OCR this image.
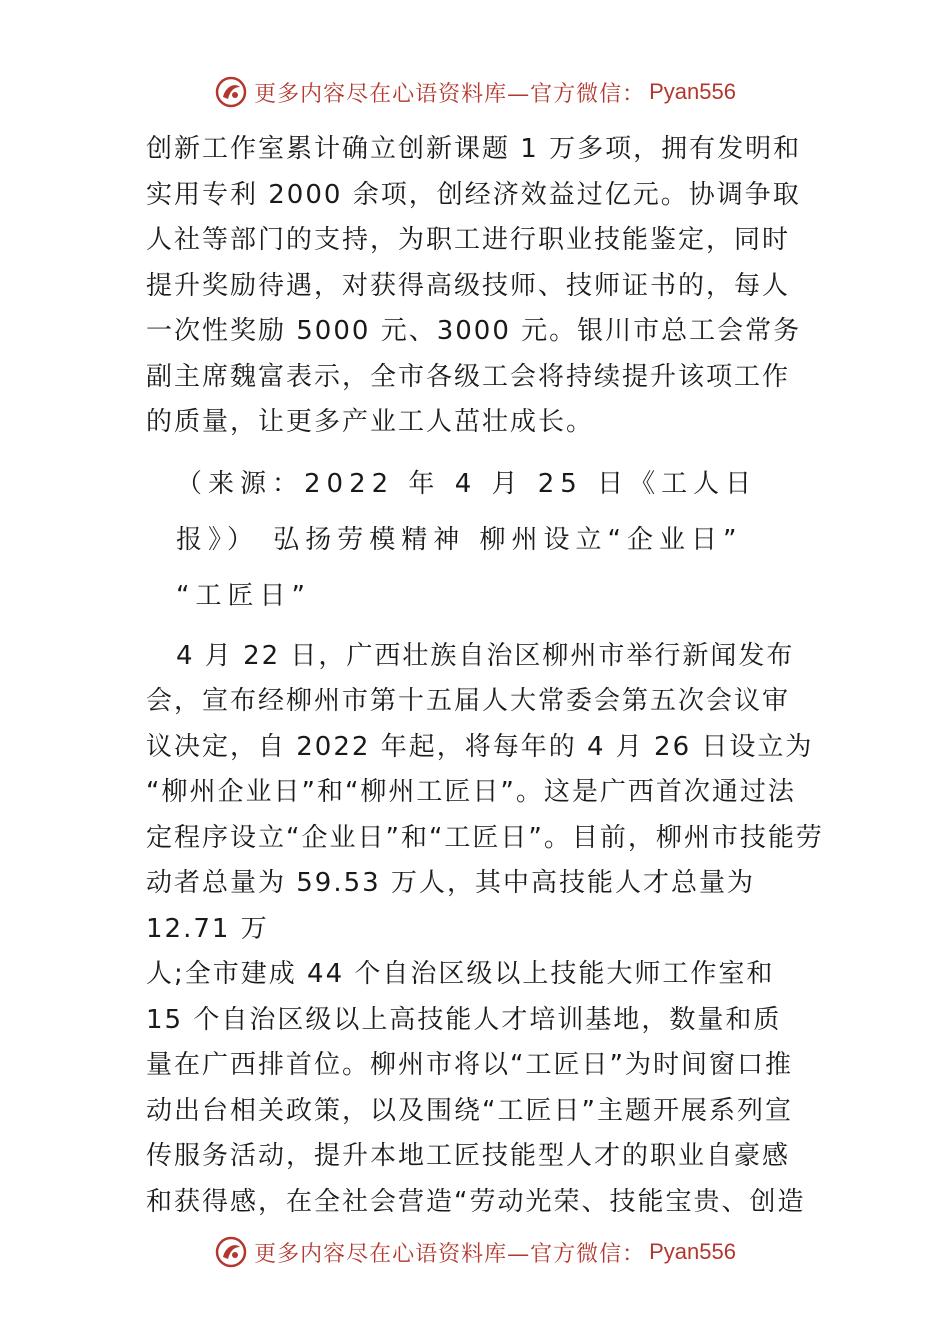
更多内容尽在心语资料库—官方微信： Pyan556
创新工作室累计确立创新课题 1 万多项，拥有发明和
实用专利 2000 余项，创经济效益过亿元。协调争取
人社等部门的支持，为职工进行职业技能鉴定，同时
提升奖励待遇，对获得高级技师、技师证书的，每人
一次性奖励 5000 元、3000 元。银川市总工会常务
副主席魏富表示，全市各级工会将持续提升该项工作
的质量，让更多产业工人茁壮成长。
（来源：2022 年 4 月 25 日《工人日
报》） 弘扬劳模精神 柳州设立“企业日”
“工匠日”
4 月 22 日，广西壮族自治区柳州市举行新闻发布
会，宣布经柳州市第十五届人大常委会第五次会议审
议决定，自 2022 年起，将每年的 4 月 26 日设立为
“柳州企业日”和“柳州工匠日”。这是广西首次通过法
定程序设立“企业日”和“工匠日”。目前，柳州市技能劳
动者总量为 59.53 万人，其中高技能人才总量为
12.71 万
人;全市建成 44 个自治区级以上技能大师工作室和
15 个自治区级以上高技能人才培训基地，数量和质
量在广西排首位。柳州市将以“工匠日”为时间窗口推
动出台相关政策，以及围绕“工匠日”主题开展系列宣
传服务活动，提升本地工匠技能型人才的职业自豪感
和获得感，在全社会营造“劳动光荣、技能宝贵、创造
更多内容尽在心语资料库—官方微信： Pyan556
